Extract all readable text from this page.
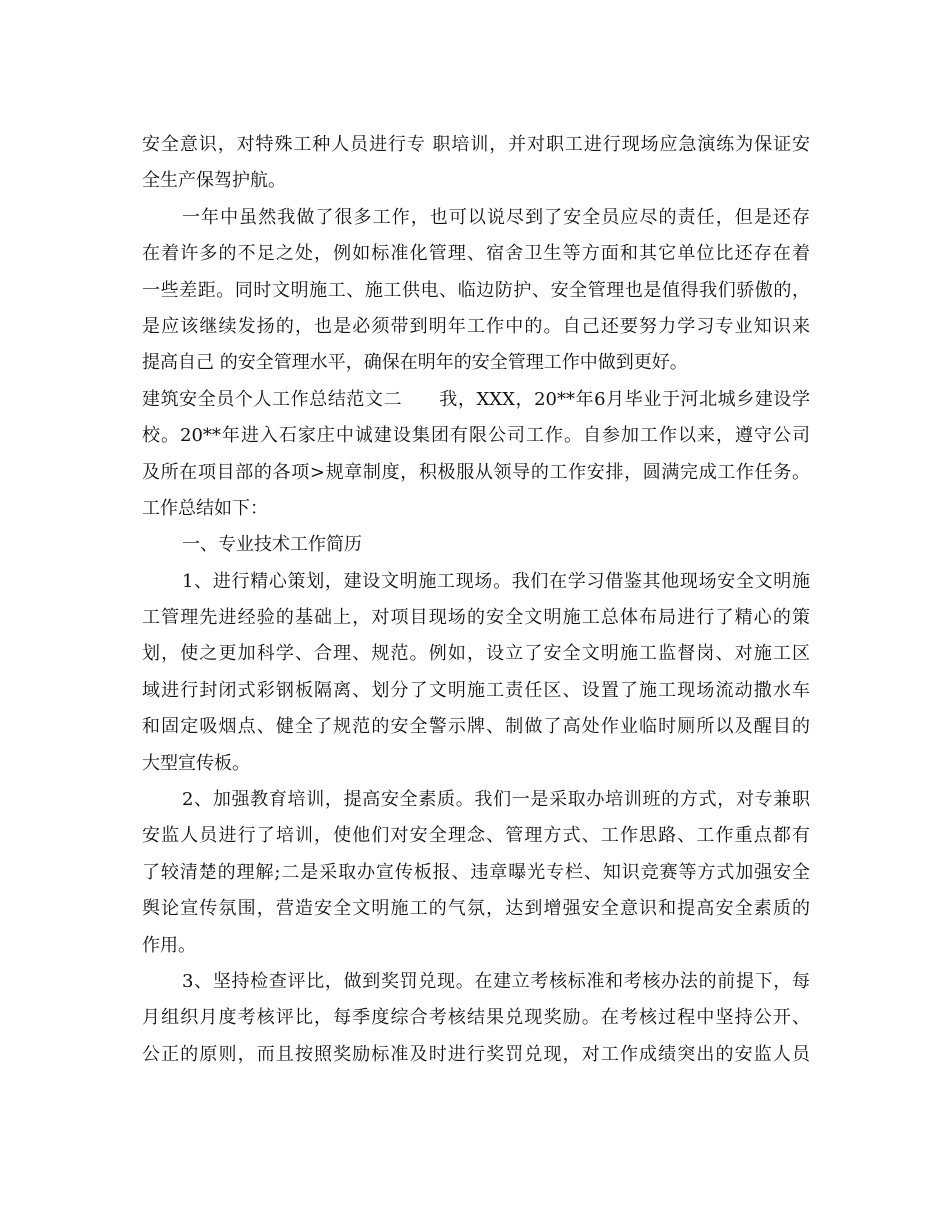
安全意识，对特殊工种人员进行专 职培训，并对职工进行现场应急演练为保证安
全生产保驾护航。
一年中虽然我做了很多工作，也可以说尽到了安全员应尽的责任，但是还存
在着许多的不足之处，例如标准化管理、宿舍卫生等方面和其它单位比还存在着
一些差距。同时文明施工、施工供电、临边防护、安全管理也是值得我们骄傲的，
是应该继续发扬的，也是必须带到明年工作中的。自己还要努力学习专业知识来
提高自己 的安全管理水平，确保在明年的安全管理工作中做到更好。
建筑安全员个人工作总结范文二　　我，XXX，20**年6月毕业于河北城乡建设学
校。20**年进入石家庄中诚建设集团有限公司工作。自参加工作以来，遵守公司
及所在项目部的各项>规章制度，积极服从领导的工作安排，圆满完成工作任务。
工作总结如下：
一、专业技术工作简历
1、进行精心策划，建设文明施工现场。我们在学习借鉴其他现场安全文明施
工管理先进经验的基础上，对项目现场的安全文明施工总体布局进行了精心的策
划，使之更加科学、合理、规范。例如，设立了安全文明施工监督岗、对施工区
域进行封闭式彩钢板隔离、划分了文明施工责任区、设置了施工现场流动撒水车
和固定吸烟点、健全了规范的安全警示牌、制做了高处作业临时厕所以及醒目的
大型宣传板。
2、加强教育培训，提高安全素质。我们一是采取办培训班的方式，对专兼职
安监人员进行了培训，使他们对安全理念、管理方式、工作思路、工作重点都有
了较清楚的理解;二是采取办宣传板报、违章曝光专栏、知识竞赛等方式加强安全
舆论宣传氛围，营造安全文明施工的气氛，达到增强安全意识和提高安全素质的
作用。
3、坚持检查评比，做到奖罚兑现。在建立考核标准和考核办法的前提下，每
月组织月度考核评比，每季度综合考核结果兑现奖励。在考核过程中坚持公开、
公正的原则，而且按照奖励标准及时进行奖罚兑现，对工作成绩突出的安监人员
